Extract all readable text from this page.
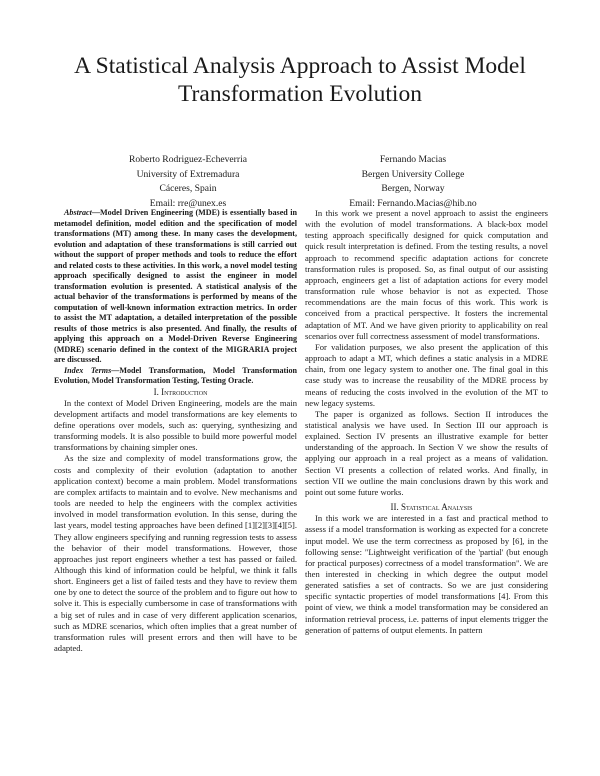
A Statistical Analysis Approach to Assist Model Transformation Evolution
Roberto Rodriguez-Echeverria
University of Extremadura
Cáceres, Spain
Email: rre@unex.es
Fernando Macias
Bergen University College
Bergen, Norway
Email: Fernando.Macias@hib.no

Abstract—Model Driven Engineering (MDE) is essentially based in metamodel definition, model edition and the specification of model transformations (MT) among these. In many cases the development, evolution and adaptation of these transformations is still carried out without the support of proper methods and tools to reduce the effort and related costs to these activities. In this work, a novel model testing approach specifically designed to assist the engineer in model transformation evolution is presented. A statistical analysis of the actual behavior of the transformations is performed by means of the computation of well-known information extraction metrics. In order to assist the MT adaptation, a detailed interpretation of the possible results of those metrics is also presented. And finally, the results of applying this approach on a Model-Driven Reverse Engineering (MDRE) scenario defined in the context of the MIGRARIA project are discussed.

Index Terms—Model Transformation, Model Transformation Evolution, Model Transformation Testing, Testing Oracle.

I. Introduction

In the context of Model Driven Engineering, models are the main development artifacts and model transformations are key elements to define operations over models, such as: querying, synthesizing and transforming models. It is also possible to build more powerful model transformations by chaining simpler ones.

As the size and complexity of model transformations grow, the costs and complexity of their evolution (adaptation to another application context) become a main problem. Model transformations are complex artifacts to maintain and to evolve. New mechanisms and tools are needed to help the engineers with the complex activities involved in model transformation evolution. In this sense, during the last years, model testing approaches have been defined [1][2][3][4][5]. They allow engineers specifying and running regression tests to assess the behavior of their model transformations. However, those approaches just report engineers whether a test has passed or failed. Although this kind of information could be helpful, we think it falls short. Engineers get a list of failed tests and they have to review them one by one to detect the source of the problem and to figure out how to solve it. This is especially cumbersome in case of transformations with a big set of rules and in case of very different application scenarios, such as MDRE scenarios, which often implies that a great number of transformation rules will present errors and then will have to be adapted.

In this work we present a novel approach to assist the engineers with the evolution of model transformations. A black-box model testing approach specifically designed for quick computation and quick result interpretation is defined. From the testing results, a novel approach to recommend specific adaptation actions for concrete transformation rules is proposed. So, as final output of our assisting approach, engineers get a list of adaptation actions for every model transformation rule whose behavior is not as expected. Those recommendations are the main focus of this work. This work is conceived from a practical perspective. It fosters the incremental adaptation of MT. And we have given priority to applicability on real scenarios over full correctness assessment of model transformations.

For validation purposes, we also present the application of this approach to adapt a MT, which defines a static analysis in a MDRE chain, from one legacy system to another one. The final goal in this case study was to increase the reusability of the MDRE process by means of reducing the costs involved in the evolution of the MT to new legacy systems.

The paper is organized as follows. Section II introduces the statistical analysis we have used. In Section III our approach is explained. Section IV presents an illustrative example for better understanding of the approach. In Section V we show the results of applying our approach in a real project as a means of validation. Section VI presents a collection of related works. And finally, in section VII we outline the main conclusions drawn by this work and point out some future works.

II. Statistical Analysis

In this work we are interested in a fast and practical method to assess if a model transformation is working as expected for a concrete input model. We use the term correctness as proposed by [6], in the following sense: "Lightweight verification of the 'partial' (but enough for practical purposes) correctness of a model transformation". We are then interested in checking in which degree the output model generated satisfies a set of contracts. So we are just considering specific syntactic properties of model transformations [4]. From this point of view, we think a model transformation may be considered an information retrieval process, i.e. patterns of input elements trigger the generation of patterns of output elements. In pattern
